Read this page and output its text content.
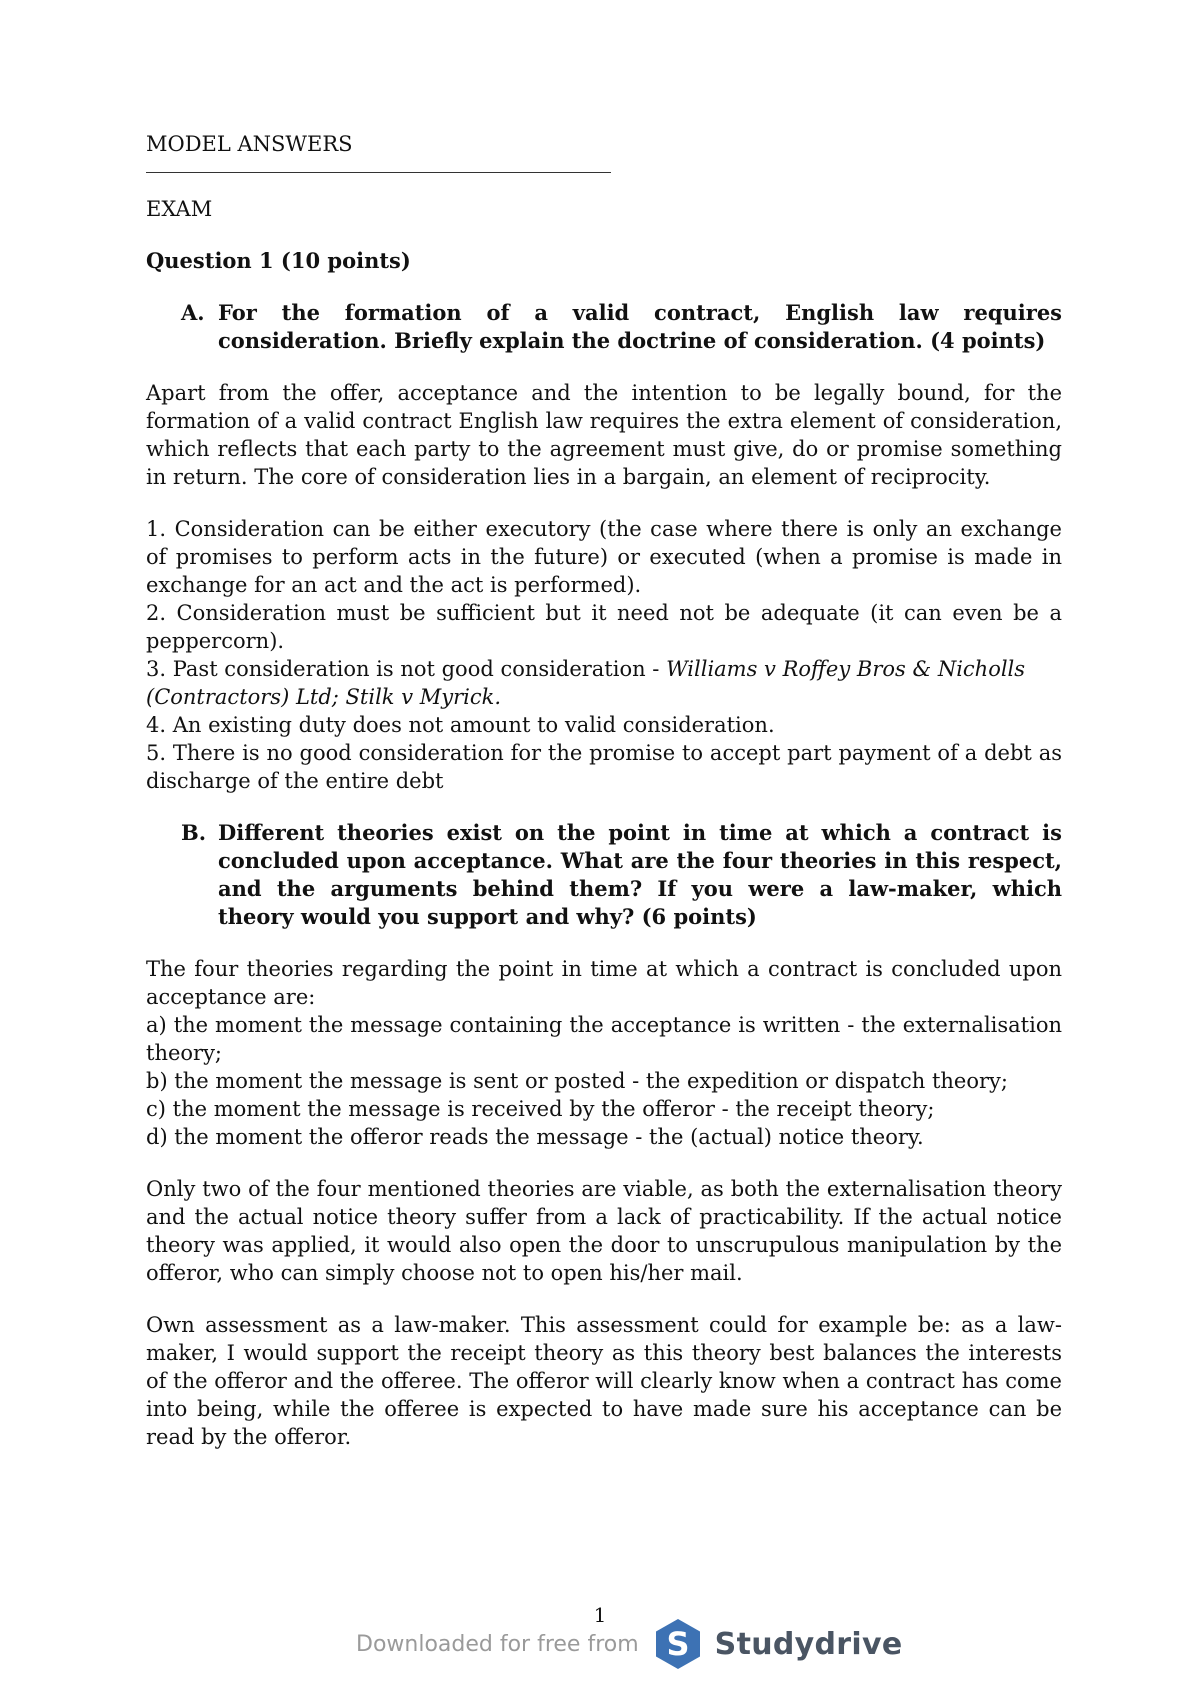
MODEL ANSWERS

EXAM

Question 1 (10 points)

A. For the formation of a valid contract, English law requires consideration. Briefly explain the doctrine of consideration. (4 points)

Apart from the offer, acceptance and the intention to be legally bound, for the formation of a valid contract English law requires the extra element of consideration, which reflects that each party to the agreement must give, do or promise something in return. The core of consideration lies in a bargain, an element of reciprocity.

1. Consideration can be either executory (the case where there is only an exchange of promises to perform acts in the future) or executed (when a promise is made in exchange for an act and the act is performed).

2. Consideration must be sufficient but it need not be adequate (it can even be a peppercorn).

3. Past consideration is not good consideration - Williams v Roffey Bros & Nicholls (Contractors) Ltd; Stilk v Myrick.

4. An existing duty does not amount to valid consideration.

5. There is no good consideration for the promise to accept part payment of a debt as discharge of the entire debt

B. Different theories exist on the point in time at which a contract is concluded upon acceptance. What are the four theories in this respect, and the arguments behind them? If you were a law-maker, which theory would you support and why? (6 points)

The four theories regarding the point in time at which a contract is concluded upon acceptance are:

a) the moment the message containing the acceptance is written - the externalisation theory;

b) the moment the message is sent or posted - the expedition or dispatch theory;

c) the moment the message is received by the offeror - the receipt theory;

d) the moment the offeror reads the message - the (actual) notice theory.

Only two of the four mentioned theories are viable, as both the externalisation theory and the actual notice theory suffer from a lack of practicability. If the actual notice theory was applied, it would also open the door to unscrupulous manipulation by the offeror, who can simply choose not to open his/her mail.

Own assessment as a law-maker. This assessment could for example be: as a law-maker, I would support the receipt theory as this theory best balances the interests of the offeror and the offeree. The offeror will clearly know when a contract has come into being, while the offeree is expected to have made sure his acceptance can be read by the offeror.

1
Downloaded for free from S Studydrive
